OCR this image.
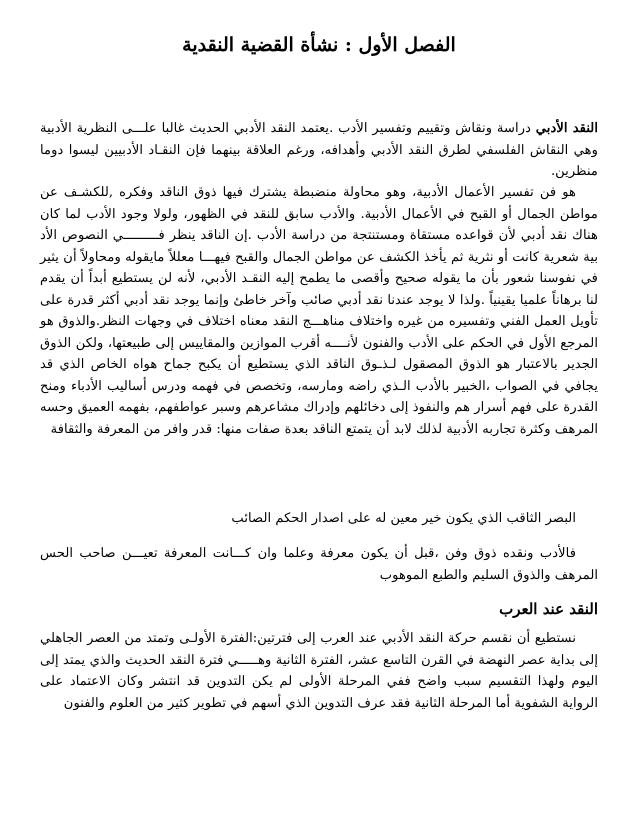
الفصل الأول : نشأة القضية النقدية

النقد الأدبي دراسة ونقاش وتقييم وتفسير الأدب .يعتمد النقد الأدبي الحديث غالبا علـــى النظرية الأدبية وهي النقاش الفلسفي لطرق النقد الأدبي وأهدافه، ورغم العلاقة بينهما فإن النقـاد الأدبيين ليسوا دوما منظرين.

هو فن تفسير الأعمال الأدبية، وهو محاولة منضبطة يشترك فيها ذوق الناقد وفكره ,للكشـف عن مواطن الجمال أو القبح في الأعمال الأدبية. والأدب سابق للنقد في الظهور، ولولا وجود الأدب لما كان هناك نقد أدبي لأن قواعده مستقاة ومستنتجة من دراسة الأدب .إن الناقد ينظر فـــــــــي النصوص الأد بية شعرية كانت أو نثرية ثم يأخذ الكشف عن مواطن الجمال والقبح فيهـــا معللاً مايقوله ومحاولاً أن يثير في نفوسنا شعور بأن ما يقوله صحيح وأقصى ما يطمح إليه النقـد الأدبي، لأنه لن يستطيع أبداً أن يقدم لنا برهاناً علميا يقينياً .ولذا لا يوجد عندنا نقد أدبي صائب وآخر خاطئ وإنما يوجد نقد أدبي أكثر قدرة على تأويل العمل الفني وتفسيره من غيره واختلاف مناهـــج النقد معناه اختلاف في وجهات النظر.والذوق هو المرجع الأول في الحكم على الأدب والفنون لأنــــه أقرب الموازين والمقاييس إلى طبيعتها، ولكن الذوق الجدير بالاعتبار هو الذوق المصقول لـذـوق الناقد الذي يستطيع أن يكبح جماح هواه الخاص الذي قد يجافي في الصواب ،الخبير بالأدب الـذي راضه ومارسه، وتخصص في فهمه ودرس أساليب الأدباء ومنح القدرة على فهم أسرار هم والنفوذ إلى دخائلهم وإدراك مشاعرهم وسبر عواطفهم، بفهمه العميق وحسه المرهف وكثرة تجاربه الأدبية لذلك لابد أن يتمتع الناقد بعدة صفات منها: قدر وافر من المعرفة والثقافة

البصر الثاقب الذي يكون خير معين له على اصدار الحكم الصائب

فالأدب ونقده ذوق وفن ،قبل أن يكون معرفة وعلما وان كـــانت المعرفة تعيـــن صاحب الحس المرهف والذوق السليم والطبع الموهوب

النقد عند العرب

نستطيع أن نقسم حركة النقد الأدبي عند العرب إلى فترتين:الفترة الأولـى وتمتد من العصر الجاهلي إلى بداية عصر النهضة في القرن التاسع عشر، الفترة الثانية وهـــــي فترة النقد الحديث والذي يمتد إلى اليوم ولهذا التقسيم سبب واضح ففي المرحلة الأولى لم يكن التدوين قد انتشر وكان الاعتماد على الرواية الشفوية أما المرحلة الثانية فقد عرف التدوين الذي أسهم في تطوير كثير من العلوم والفنون
